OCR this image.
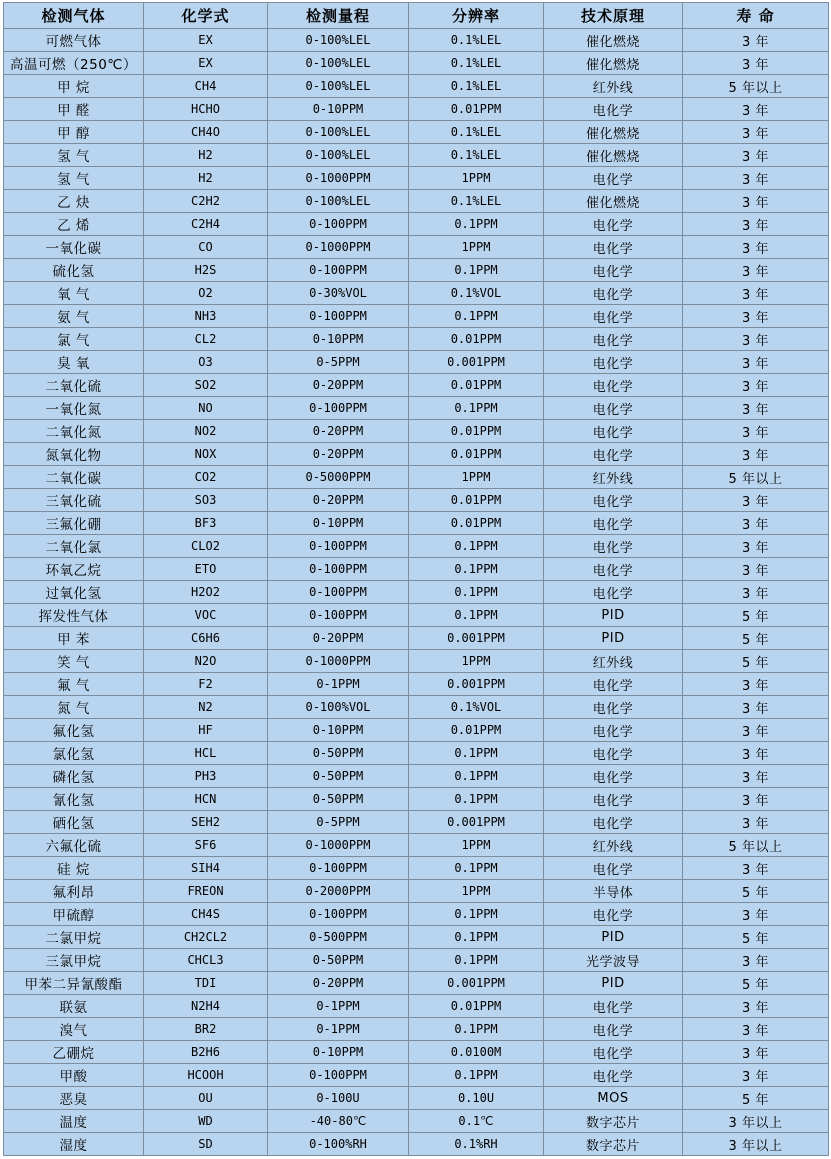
检测气体	化学式	检测量程	分辨率	技术原理	寿 命
可燃气体	EX	0-100%LEL	0.1%LEL	催化燃烧	3 年
高温可燃（250℃）	EX	0-100%LEL	0.1%LEL	催化燃烧	3 年
甲 烷	CH4	0-100%LEL	0.1%LEL	红外线	5 年以上
甲 醛	HCHO	0-10PPM	0.01PPM	电化学	3 年
甲 醇	CH4O	0-100%LEL	0.1%LEL	催化燃烧	3 年
氢 气	H2	0-100%LEL	0.1%LEL	催化燃烧	3 年
氢 气	H2	0-1000PPM	1PPM	电化学	3 年
乙 炔	C2H2	0-100%LEL	0.1%LEL	催化燃烧	3 年
乙 烯	C2H4	0-100PPM	0.1PPM	电化学	3 年
一氧化碳	CO	0-1000PPM	1PPM	电化学	3 年
硫化氢	H2S	0-100PPM	0.1PPM	电化学	3 年
氧 气	O2	0-30%VOL	0.1%VOL	电化学	3 年
氨 气	NH3	0-100PPM	0.1PPM	电化学	3 年
氯 气	CL2	0-10PPM	0.01PPM	电化学	3 年
臭 氧	O3	0-5PPM	0.001PPM	电化学	3 年
二氧化硫	SO2	0-20PPM	0.01PPM	电化学	3 年
一氧化氮	NO	0-100PPM	0.1PPM	电化学	3 年
二氧化氮	NO2	0-20PPM	0.01PPM	电化学	3 年
氮氧化物	NOX	0-20PPM	0.01PPM	电化学	3 年
二氧化碳	CO2	0-5000PPM	1PPM	红外线	5 年以上
三氧化硫	SO3	0-20PPM	0.01PPM	电化学	3 年
三氟化硼	BF3	0-10PPM	0.01PPM	电化学	3 年
二氧化氯	CLO2	0-100PPM	0.1PPM	电化学	3 年
环氧乙烷	ETO	0-100PPM	0.1PPM	电化学	3 年
过氧化氢	H2O2	0-100PPM	0.1PPM	电化学	3 年
挥发性气体	VOC	0-100PPM	0.1PPM	PID	5 年
甲 苯	C6H6	0-20PPM	0.001PPM	PID	5 年
笑 气	N2O	0-1000PPM	1PPM	红外线	5 年
氟 气	F2	0-1PPM	0.001PPM	电化学	3 年
氮 气	N2	0-100%VOL	0.1%VOL	电化学	3 年
氟化氢	HF	0-10PPM	0.01PPM	电化学	3 年
氯化氢	HCL	0-50PPM	0.1PPM	电化学	3 年
磷化氢	PH3	0-50PPM	0.1PPM	电化学	3 年
氰化氢	HCN	0-50PPM	0.1PPM	电化学	3 年
硒化氢	SEH2	0-5PPM	0.001PPM	电化学	3 年
六氟化硫	SF6	0-1000PPM	1PPM	红外线	5 年以上
硅 烷	SIH4	0-100PPM	0.1PPM	电化学	3 年
氟利昂	FREON	0-2000PPM	1PPM	半导体	5 年
甲硫醇	CH4S	0-100PPM	0.1PPM	电化学	3 年
二氯甲烷	CH2CL2	0-500PPM	0.1PPM	PID	5 年
三氯甲烷	CHCL3	0-50PPM	0.1PPM	光学波导	3 年
甲苯二异氰酸酯	TDI	0-20PPM	0.001PPM	PID	5 年
联氨	N2H4	0-1PPM	0.01PPM	电化学	3 年
溴气	BR2	0-1PPM	0.1PPM	电化学	3 年
乙硼烷	B2H6	0-10PPM	0.0100M	电化学	3 年
甲酸	HCOOH	0-100PPM	0.1PPM	电化学	3 年
恶臭	OU	0-100U	0.10U	MOS	5 年
温度	WD	-40-80℃	0.1℃	数字芯片	3 年以上
湿度	SD	0-100%RH	0.1%RH	数字芯片	3 年以上
